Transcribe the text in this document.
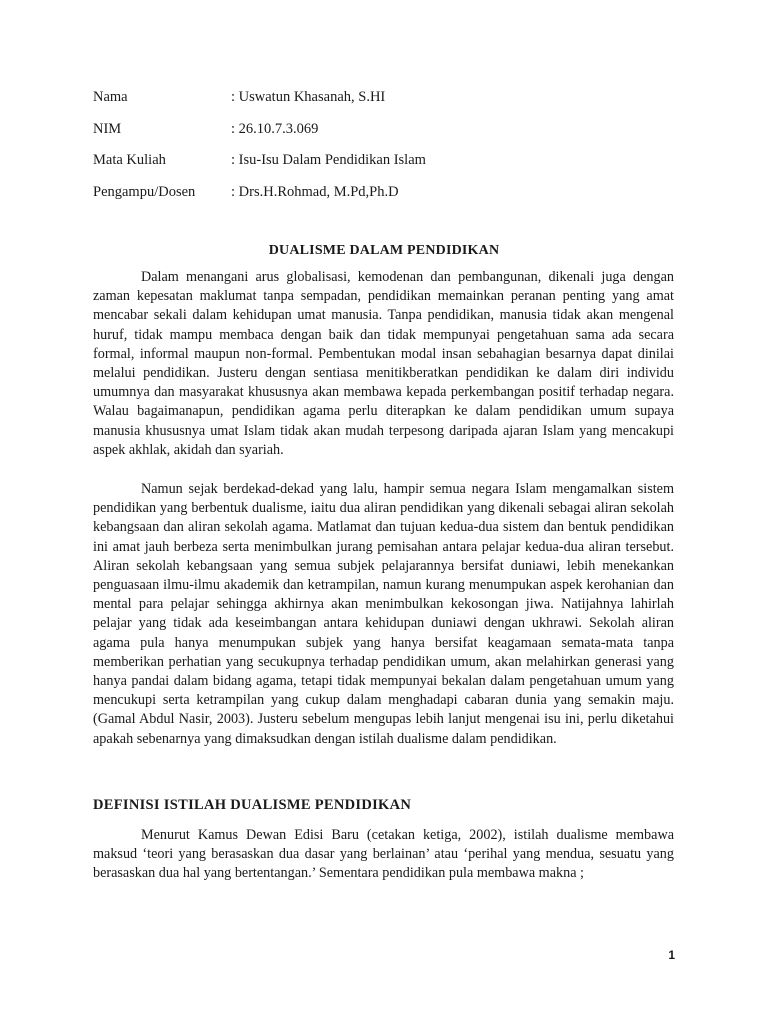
Nama	: Uswatun Khasanah, S.HI
NIM	: 26.10.7.3.069
Mata Kuliah	: Isu-Isu Dalam Pendidikan Islam
Pengampu/Dosen : Drs.H.Rohmad, M.Pd,Ph.D
DUALISME DALAM PENDIDIKAN

Dalam menangani arus globalisasi, kemodenan dan pembangunan, dikenali juga dengan zaman kepesatan maklumat tanpa sempadan, pendidikan memainkan peranan penting yang amat mencabar sekali dalam kehidupan umat manusia. Tanpa pendidikan, manusia tidak akan mengenal huruf, tidak mampu membaca dengan baik dan tidak mempunyai pengetahuan sama ada secara formal, informal maupun non-formal. Pembentukan modal insan sebahagian besarnya dapat dinilai melalui pendidikan. Justeru dengan sentiasa menitikberatkan pendidikan ke dalam diri individu umumnya dan masyarakat khususnya akan membawa kepada perkembangan positif terhadap negara. Walau bagaimanapun, pendidikan agama perlu diterapkan ke dalam pendidikan umum supaya manusia khususnya umat Islam tidak akan mudah terpesong daripada ajaran Islam yang mencakupi aspek akhlak, akidah dan syariah.

Namun sejak berdekad-dekad yang lalu, hampir semua negara Islam mengamalkan sistem pendidikan yang berbentuk dualisme, iaitu dua aliran pendidikan yang dikenali sebagai aliran sekolah kebangsaan dan aliran sekolah agama. Matlamat dan tujuan kedua-dua sistem dan bentuk pendidikan ini amat jauh berbeza serta menimbulkan jurang pemisahan antara pelajar kedua-dua aliran tersebut. Aliran sekolah kebangsaan yang semua subjek pelajarannya bersifat duniawi, lebih menekankan penguasaan ilmu-ilmu akademik dan ketrampilan, namun kurang menumpukan aspek kerohanian dan mental para pelajar sehingga akhirnya akan menimbulkan kekosongan jiwa. Natijahnya lahirlah pelajar yang tidak ada keseimbangan antara kehidupan duniawi dengan ukhrawi. Sekolah aliran agama pula hanya menumpukan subjek yang hanya bersifat keagamaan semata-mata tanpa memberikan perhatian yang secukupnya terhadap pendidikan umum, akan melahirkan generasi yang hanya pandai dalam bidang agama, tetapi tidak mempunyai bekalan dalam pengetahuan umum yang mencukupi serta ketrampilan yang cukup dalam menghadapi cabaran dunia yang semakin maju. (Gamal Abdul Nasir, 2003). Justeru sebelum mengupas lebih lanjut mengenai isu ini, perlu diketahui apakah sebenarnya yang dimaksudkan dengan istilah dualisme dalam pendidikan.

DEFINISI ISTILAH DUALISME PENDIDIKAN

Menurut Kamus Dewan Edisi Baru (cetakan ketiga, 2002), istilah dualisme membawa maksud ‘teori yang berasaskan dua dasar yang berlainan’ atau ‘perihal yang mendua, sesuatu yang berasaskan dua hal yang bertentangan.’ Sementara pendidikan pula membawa makna ;

1
